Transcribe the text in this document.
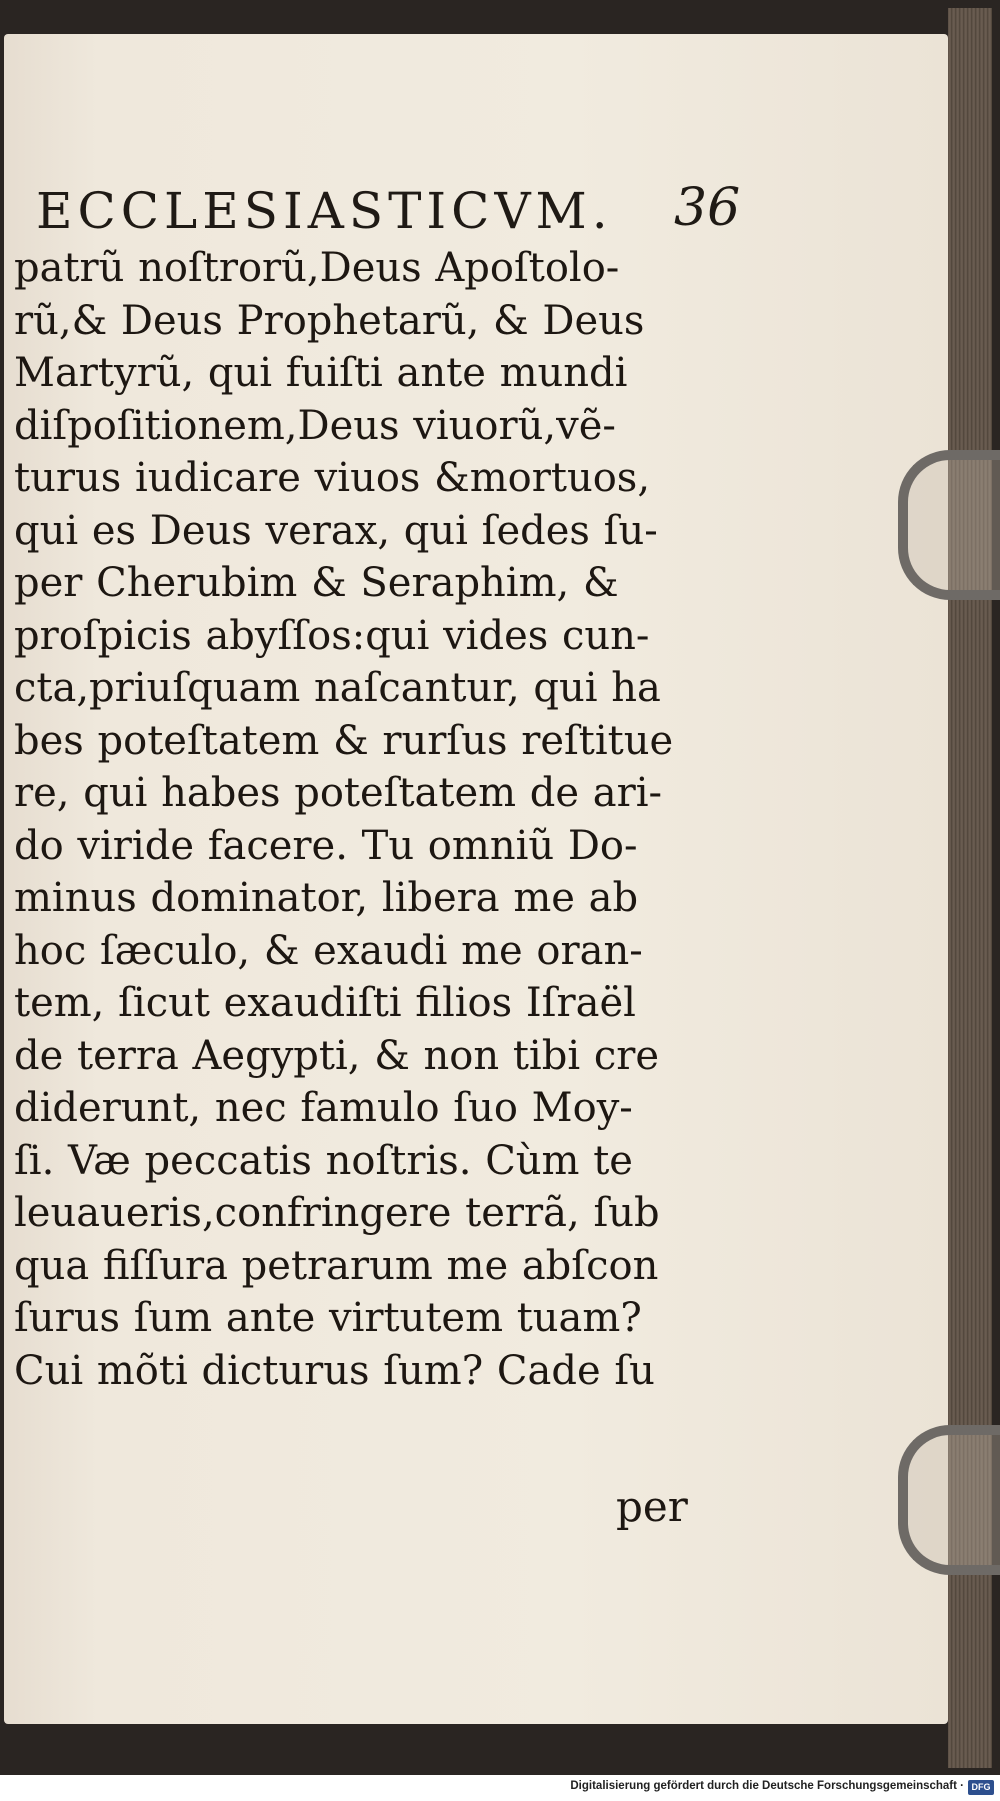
ECCLESIASTICVM. 36
patrũ noſtrorũ,Deus Apoſtolo-
rũ,& Deus Prophetarũ, & Deus
Martyrũ, qui fuiſti ante mundi
diſpoſitionem,Deus viuorũ,vẽ-
turus iudicare viuos &mortuos,
qui es Deus verax, qui ſedes ſu-
per Cherubim & Seraphim, &
proſpicis abyſſos:qui vides cun-
cta,priuſquam naſcantur, qui ha
bes poteſtatem & rurſus reſtitue
re, qui habes poteſtatem de ari-
do viride facere. Tu omniũ Do-
minus dominator, libera me ab
hoc ſæculo, & exaudi me oran-
tem, ſicut exaudiſti filios Iſraël
de terra Aegypti, & non tibi cre
diderunt, nec famulo ſuo Moy-
ſi. Væ peccatis noſtris. Cùm te
leuaueris,confringere terrã, ſub
qua fiſſura petrarum me abſcon
ſurus ſum ante virtutem tuam?
Cui mõti dicturus ſum? Cade ſu
per
Digitalisierung gefördert durch die Deutsche Forschungsgemeinschaft · DFG
